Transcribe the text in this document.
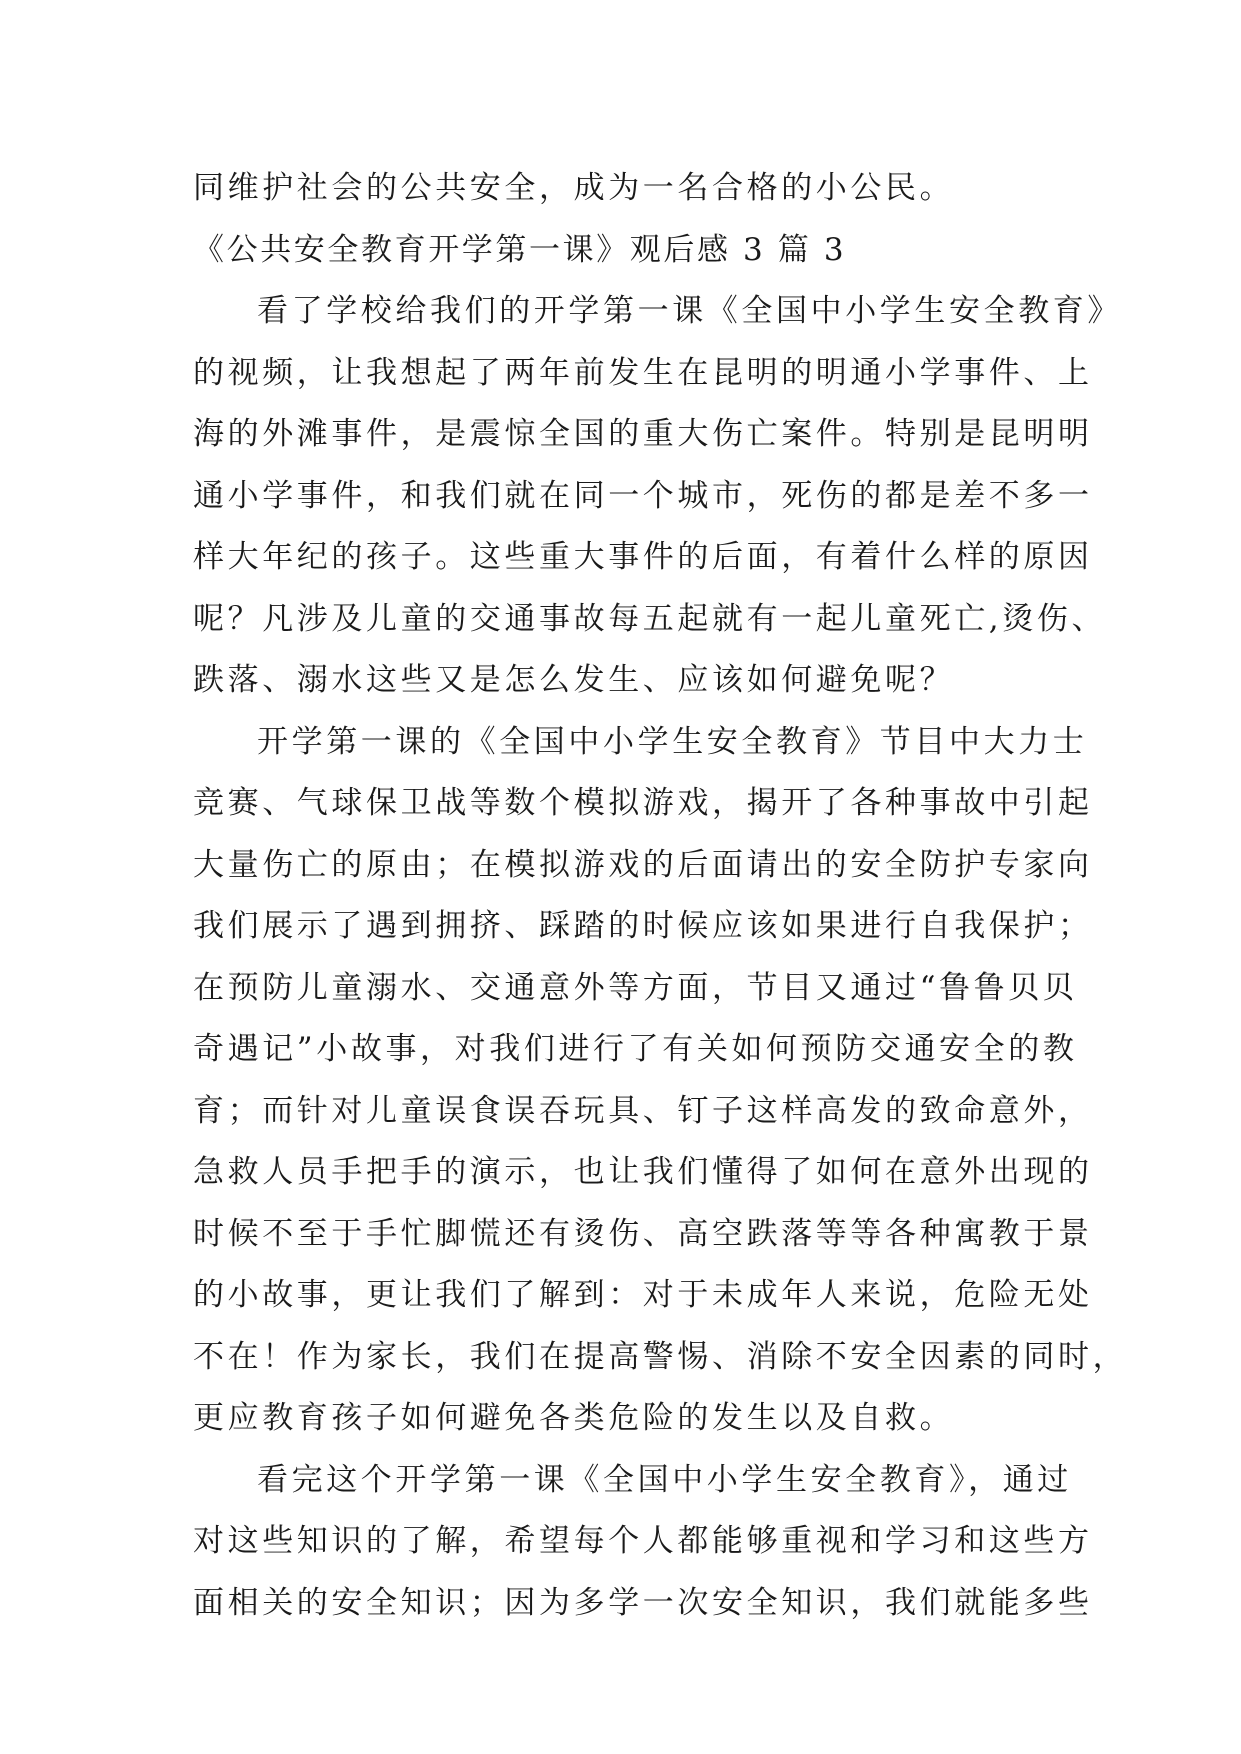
同维护社会的公共安全，成为一名合格的小公民。
《公共安全教育开学第一课》观后感 3 篇 3
看了学校给我们的开学第一课《全国中小学生安全教育》
的视频，让我想起了两年前发生在昆明的明通小学事件、上
海的外滩事件，是震惊全国的重大伤亡案件。特别是昆明明
通小学事件，和我们就在同一个城市，死伤的都是差不多一
样大年纪的孩子。这些重大事件的后面，有着什么样的原因
呢？凡涉及儿童的交通事故每五起就有一起儿童死亡,烫伤、
跌落、溺水这些又是怎么发生、应该如何避免呢？
开学第一课的《全国中小学生安全教育》节目中大力士
竞赛、气球保卫战等数个模拟游戏，揭开了各种事故中引起
大量伤亡的原由；在模拟游戏的后面请出的安全防护专家向
我们展示了遇到拥挤、踩踏的时候应该如果进行自我保护；
在预防儿童溺水、交通意外等方面，节目又通过“鲁鲁贝贝
奇遇记”小故事，对我们进行了有关如何预防交通安全的教
育；而针对儿童误食误吞玩具、钉子这样高发的致命意外，
急救人员手把手的演示，也让我们懂得了如何在意外出现的
时候不至于手忙脚慌还有烫伤、高空跌落等等各种寓教于景
的小故事，更让我们了解到：对于未成年人来说，危险无处
不在！作为家长，我们在提高警惕、消除不安全因素的同时，
更应教育孩子如何避免各类危险的发生以及自救。
看完这个开学第一课《全国中小学生安全教育》，通过
对这些知识的了解，希望每个人都能够重视和学习和这些方
面相关的安全知识；因为多学一次安全知识，我们就能多些
